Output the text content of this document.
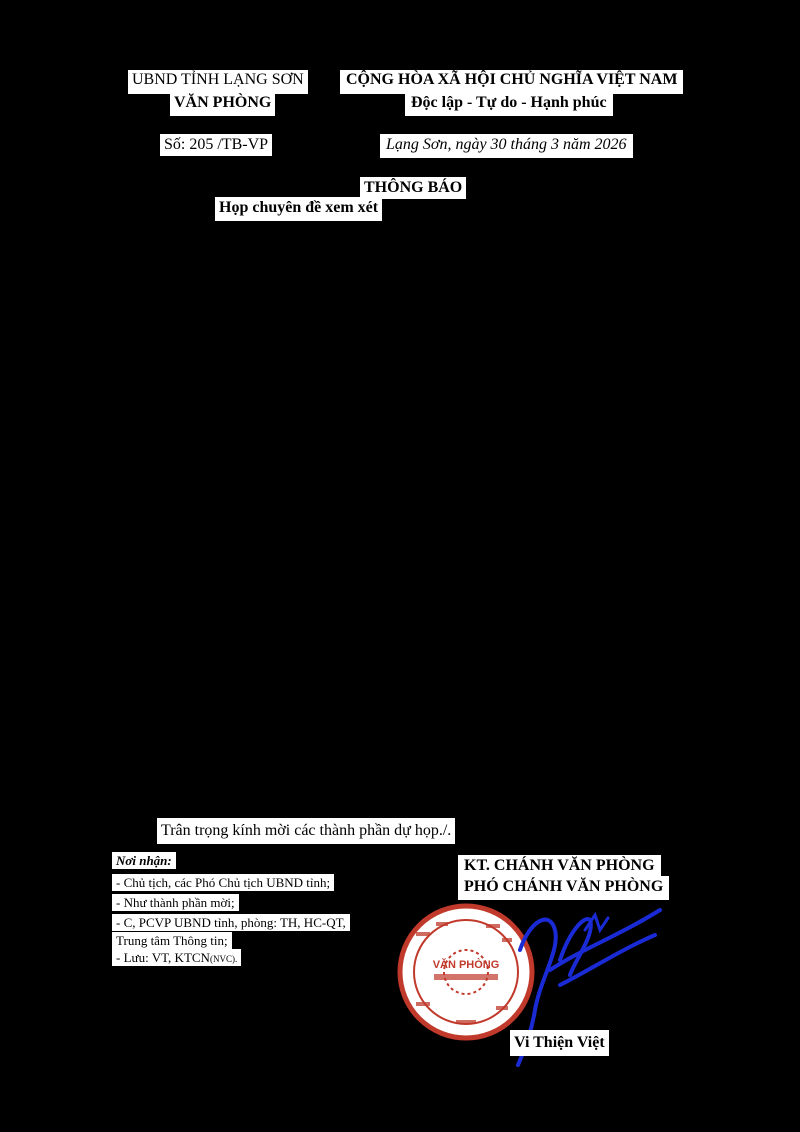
UBND TỈNH LẠNG SƠN
VĂN PHÒNG
CỘNG HÒA XÃ HỘI CHỦ NGHĨA VIỆT NAM
Độc lập - Tự do - Hạnh phúc
Số: 205 /TB-VP	Lạng Sơn, ngày 30 tháng 3 năm 2026
THÔNG BÁO
Họp chuyên đề xem xét
Trân trọng kính mời các thành phần dự họp./.
Nơi nhận:
- Chủ tịch, các Phó Chủ tịch UBND tỉnh;
- Như thành phần mời;
- C, PCVP UBND tỉnh, phòng: TH, HC-QT,
Trung tâm Thông tin;
- Lưu: VT, KTCN(NVC).
KT. CHÁNH VĂN PHÒNG
PHÓ CHÁNH VĂN PHÒNG
VĂN PHÒNG
Vi Thiện Việt
